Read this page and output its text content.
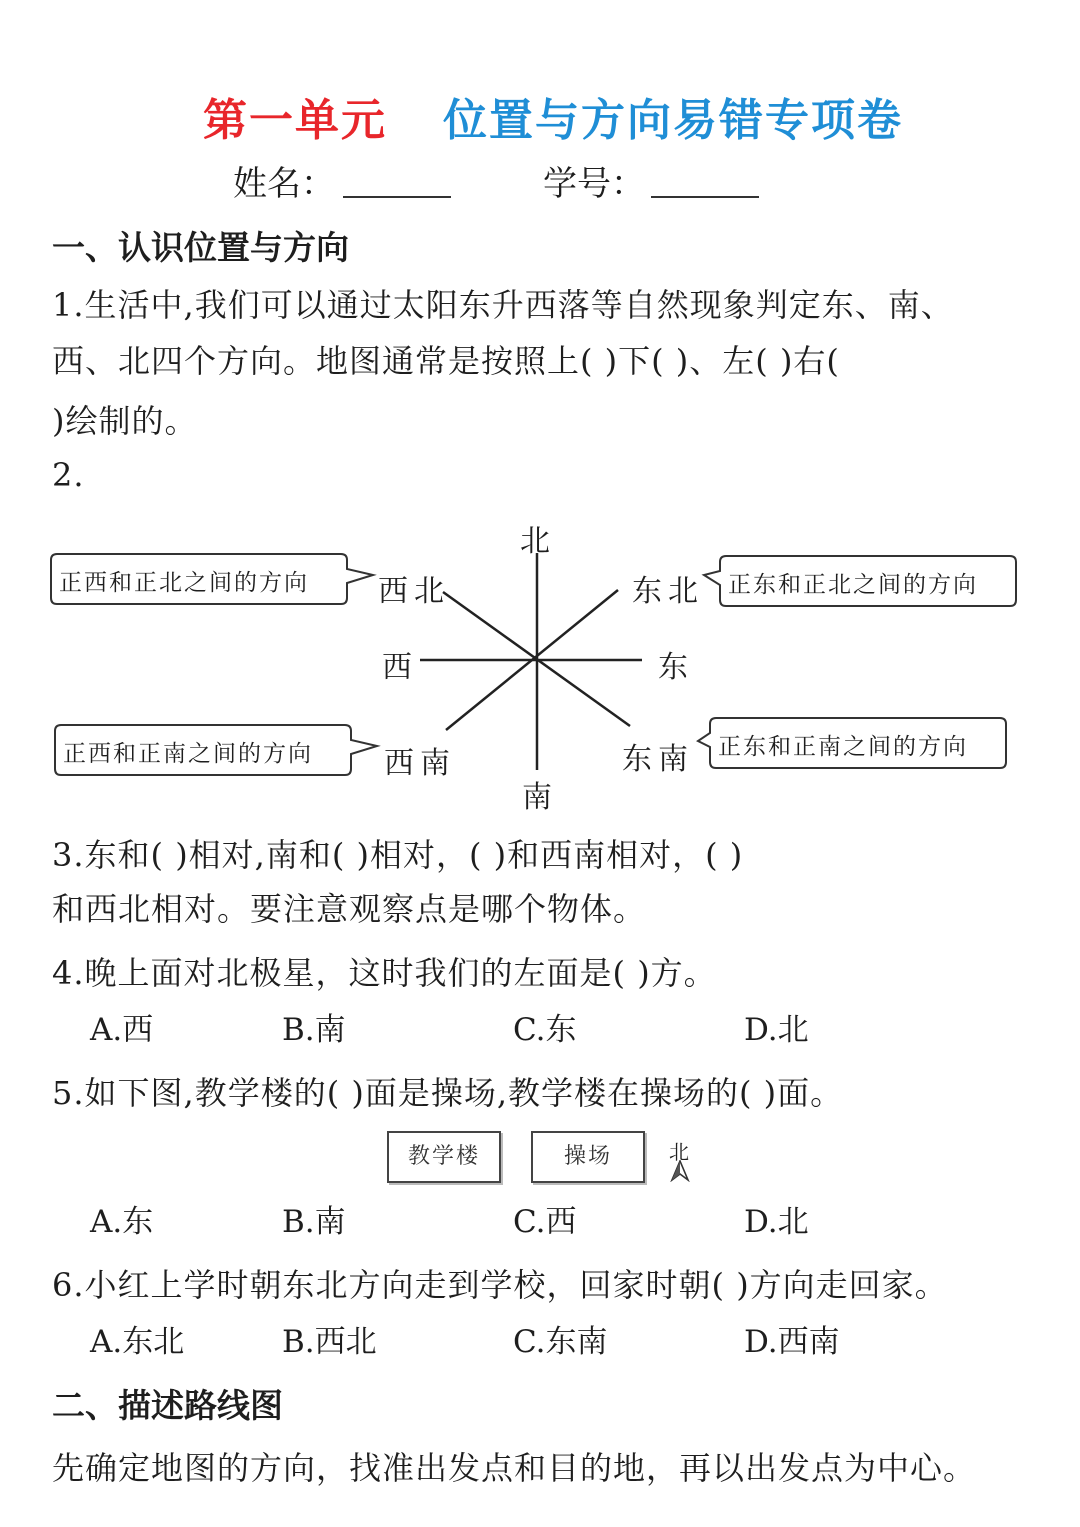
第一单元 位置与方向易错专项卷
姓名：	学号：
一、认识位置与方向
1.生活中,我们可以通过太阳东升西落等自然现象判定东、南、
西、北四个方向。地图通常是按照上( )下( )、左( )右(
)绘制的。
2.
北
南
西	东
西北	东北
西南	东南
正西和正北之间的方向	正东和正北之间的方向
正西和正南之间的方向	正东和正南之间的方向
3.东和( )相对,南和( )相对，( )和西南相对，( )
和西北相对。要注意观察点是哪个物体。
4.晚上面对北极星，这时我们的左面是( )方。
A.西	B.南	C.东	D.北
5.如下图,教学楼的( )面是操场,教学楼在操场的( )面。
教学楼	操场	北
A.东	B.南	C.西	D.北
6.小红上学时朝东北方向走到学校，回家时朝( )方向走回家。
A.东北	B.西北	C.东南	D.西南
二、描述路线图
先确定地图的方向，找准出发点和目的地，再以出发点为中心。
